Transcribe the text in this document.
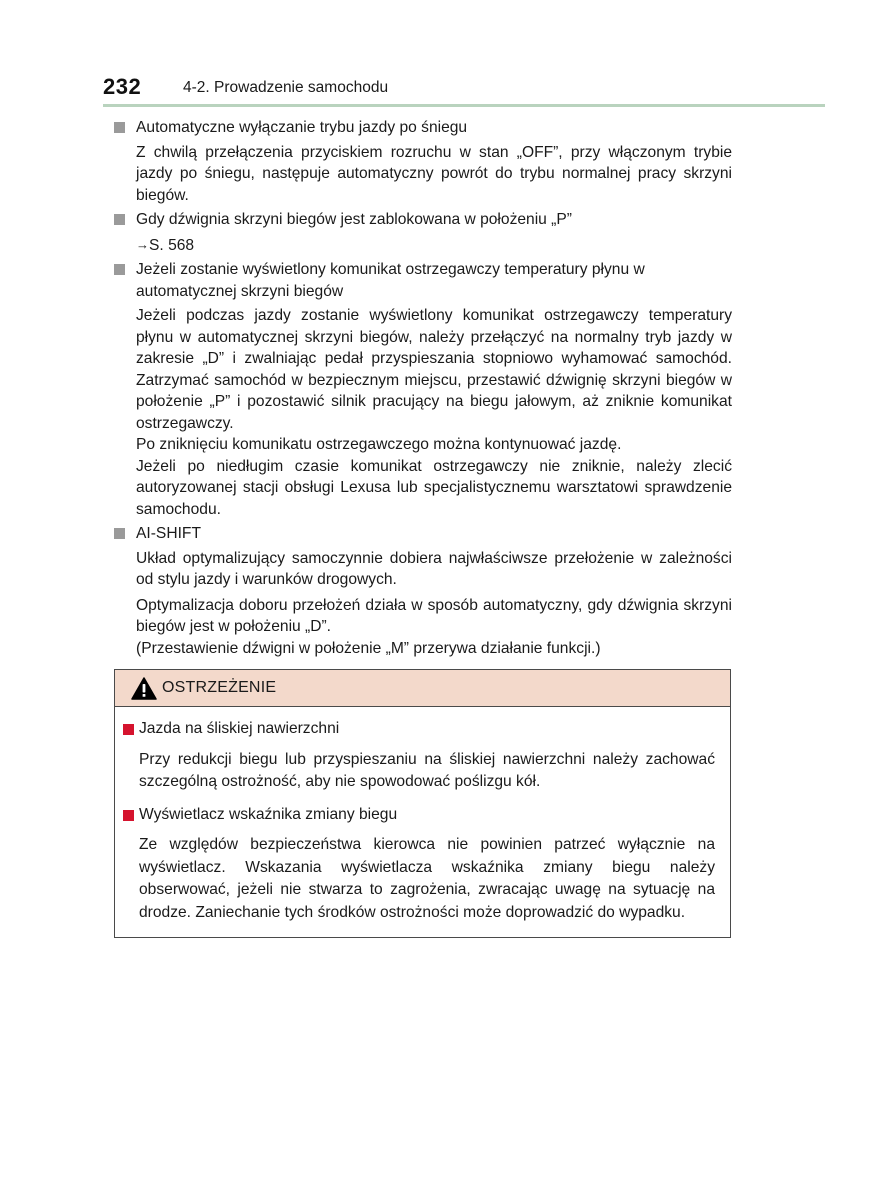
232	4-2. Prowadzenie samochodu
Automatyczne wyłączanie trybu jazdy po śniegu

Z chwilą przełączenia przyciskiem rozruchu w stan „OFF”, przy włączonym trybie jazdy po śniegu, następuje automatyczny powrót do trybu normalnej pracy skrzyni biegów.

Gdy dźwignia skrzyni biegów jest zablokowana w położeniu „P”
→S. 568
Jeżeli zostanie wyświetlony komunikat ostrzegawczy temperatury płynu w automatycznej skrzyni biegów

Jeżeli podczas jazdy zostanie wyświetlony komunikat ostrzegawczy temperatury płynu w automatycznej skrzyni biegów, należy przełączyć na normalny tryb jazdy w zakresie „D” i zwalniając pedał przyspieszania stopniowo wyhamować samochód. Zatrzymać samochód w bezpiecznym miejscu, przestawić dźwignię skrzyni biegów w położenie „P” i pozostawić silnik pracujący na biegu jałowym, aż zniknie komunikat ostrzegawczy.

Po zniknięciu komunikatu ostrzegawczego można kontynuować jazdę.

Jeżeli po niedługim czasie komunikat ostrzegawczy nie zniknie, należy zlecić autoryzowanej stacji obsługi Lexusa lub specjalistycznemu warsztatowi sprawdzenie samochodu.

AI-SHIFT

Układ optymalizujący samoczynnie dobiera najwłaściwsze przełożenie w zależności od stylu jazdy i warunków drogowych.

Optymalizacja doboru przełożeń działa w sposób automatyczny, gdy dźwignia skrzyni biegów jest w położeniu „D”.

(Przestawienie dźwigni w położenie „M” przerywa działanie funkcji.)

OSTRZEŻENIE
Jazda na śliskiej nawierzchni

Przy redukcji biegu lub przyspieszaniu na śliskiej nawierzchni należy zachować szczególną ostrożność, aby nie spowodować poślizgu kół.

Wyświetlacz wskaźnika zmiany biegu

Ze względów bezpieczeństwa kierowca nie powinien patrzeć wyłącznie na wyświetlacz. Wskazania wyświetlacza wskaźnika zmiany biegu należy obserwować, jeżeli nie stwarza to zagrożenia, zwracając uwagę na sytuację na drodze. Zaniechanie tych środków ostrożności może doprowadzić do wypadku.
